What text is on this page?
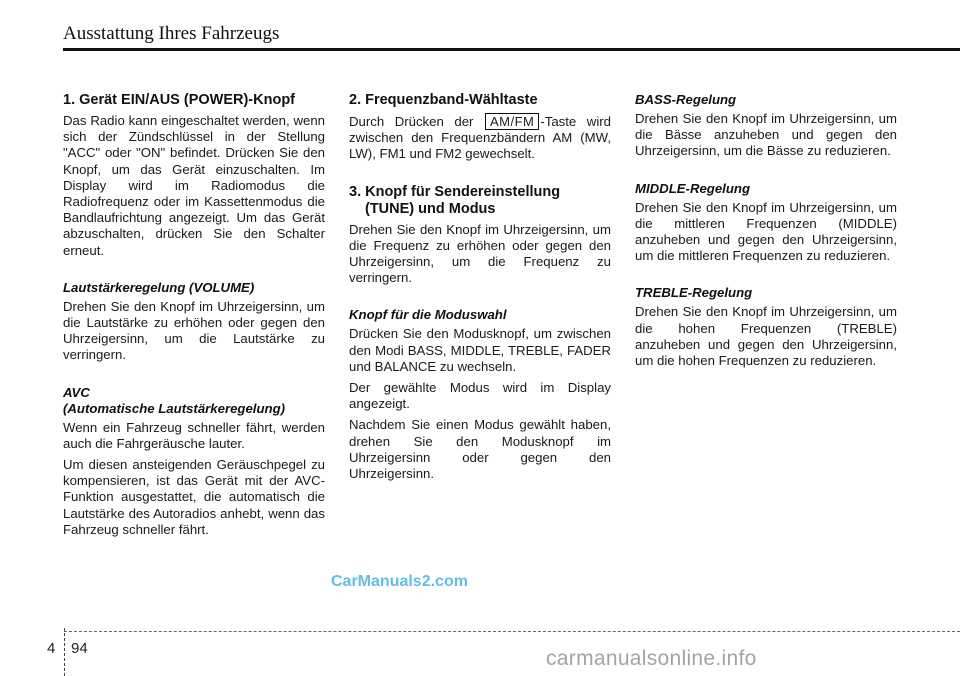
Ausstattung Ihres Fahrzeugs
1. Gerät EIN/AUS (POWER)-Knopf

Das Radio kann eingeschaltet werden, wenn sich der Zündschlüssel in der Stellung "ACC" oder "ON" befindet. Drücken Sie den Knopf, um das Gerät einzuschalten. Im Display wird im Radiomodus die Radiofrequenz oder im Kassettenmodus die Bandlaufrichtung angezeigt. Um das Gerät abzuschalten, drücken Sie den Schalter erneut.

Lautstärkeregelung (VOLUME)

Drehen Sie den Knopf im Uhrzeigersinn, um die Lautstärke zu erhöhen oder gegen den Uhrzeigersinn, um die Lautstärke zu verringern.

AVC
(Automatische Lautstärkeregelung)

Wenn ein Fahrzeug schneller fährt, werden auch die Fahrgeräusche lauter.

Um diesen ansteigenden Geräuschpegel zu kompensieren, ist das Gerät mit der AVC-Funktion ausgestattet, die automatisch die Lautstärke des Autoradios anhebt, wenn das Fahrzeug schneller fährt.

2. Frequenzband-Wähltaste

Durch Drücken der AM/FM -Taste wird zwischen den Frequenzbändern AM (MW, LW), FM1 und FM2 gewechselt.

3. Knopf für Sendereinstellung (TUNE) und Modus

Drehen Sie den Knopf im Uhrzeigersinn, um die Frequenz zu erhöhen oder gegen den Uhrzeigersinn, um die Frequenz zu verringern.

Knopf für die Moduswahl

Drücken Sie den Modusknopf, um zwischen den Modi BASS, MIDDLE, TREBLE, FADER und BALANCE zu wechseln.

Der gewählte Modus wird im Display angezeigt.

Nachdem Sie einen Modus gewählt haben, drehen Sie den Modusknopf im Uhrzeigersinn oder gegen den Uhrzeigersinn.

BASS-Regelung

Drehen Sie den Knopf im Uhrzeigersinn, um die Bässe anzuheben und gegen den Uhrzeigersinn, um die Bässe zu reduzieren.

MIDDLE-Regelung

Drehen Sie den Knopf im Uhrzeigersinn, um die mittleren Frequenzen (MIDDLE) anzuheben und gegen den Uhrzeigersinn, um die mittleren Frequenzen zu reduzieren.

TREBLE-Regelung

Drehen Sie den Knopf im Uhrzeigersinn, um die hohen Frequenzen (TREBLE) anzuheben und gegen den Uhrzeigersinn, um die hohen Frequenzen zu reduzieren.

CarManuals2.com
4 94	carmanualsonline.info
